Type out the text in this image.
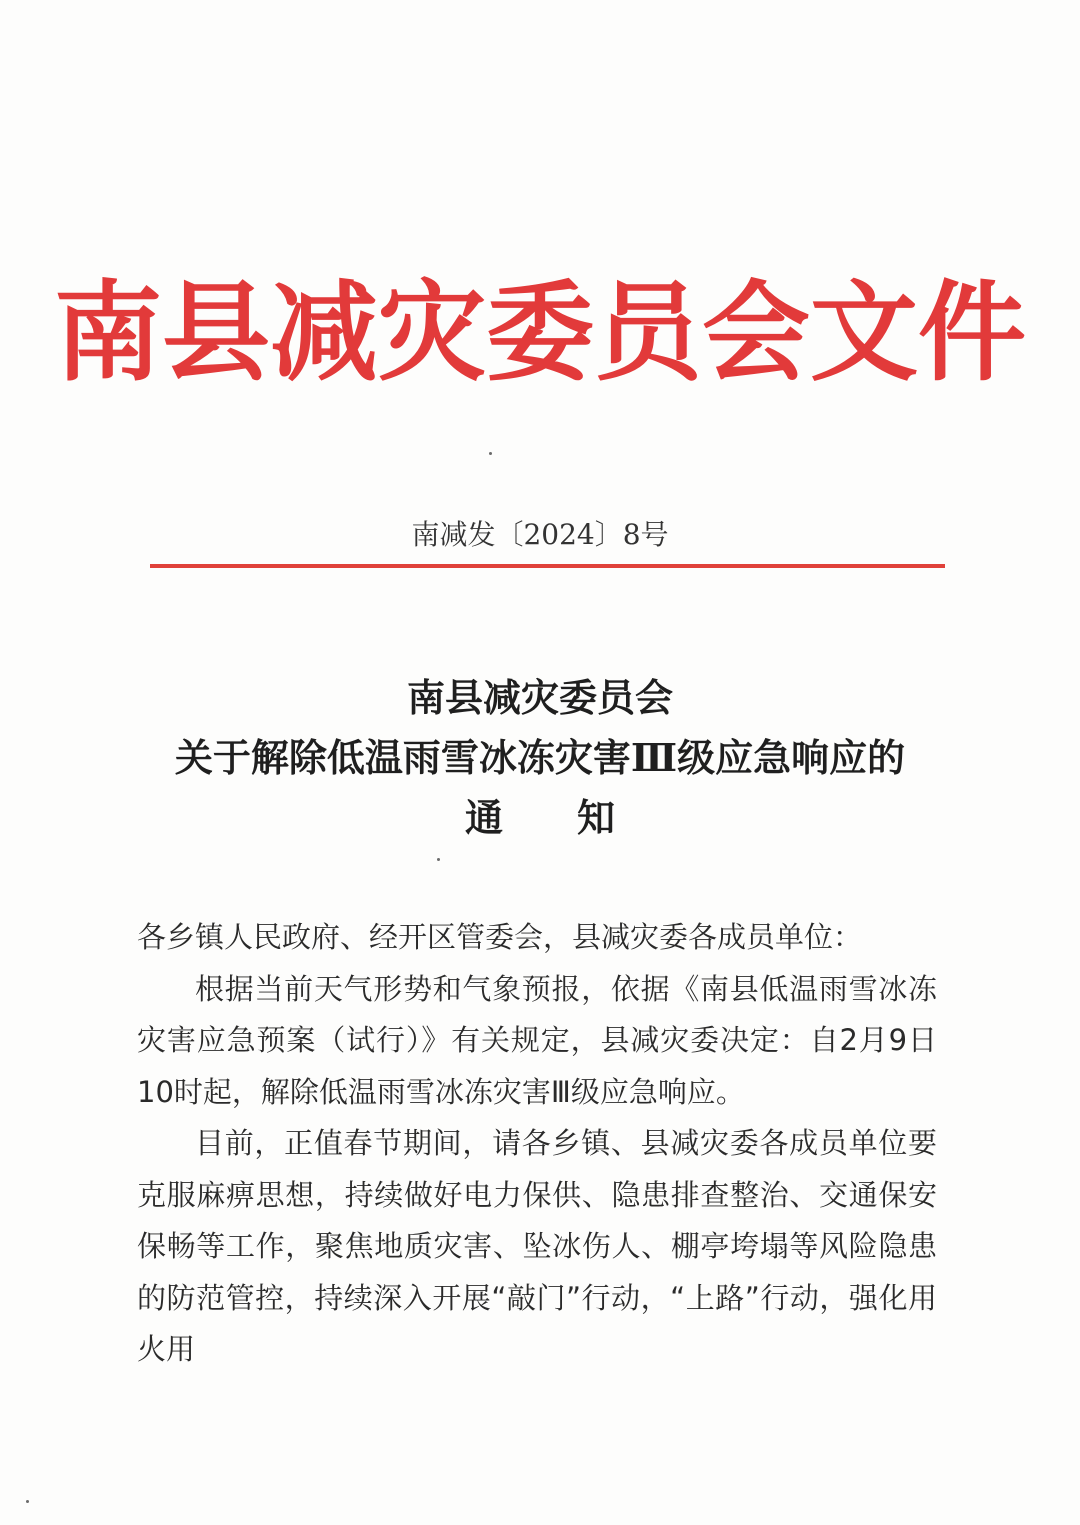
南县减灾委员会文件
南减发〔2024〕8号
南县减灾委员会
关于解除低温雨雪冰冻灾害Ⅲ级应急响应的
通知

各乡镇人民政府、经开区管委会，县减灾委各成员单位：

根据当前天气形势和气象预报，依据《南县低温雨雪冰冻灾害应急预案（试行）》有关规定，县减灾委决定：自2月9日10时起，解除低温雨雪冰冻灾害Ⅲ级应急响应。

目前，正值春节期间，请各乡镇、县减灾委各成员单位要克服麻痹思想，持续做好电力保供、隐患排查整治、交通保安保畅等工作，聚焦地质灾害、坠冰伤人、棚亭垮塌等风险隐患的防范管控，持续深入开展“敲门”行动，“上路”行动，强化用火用
